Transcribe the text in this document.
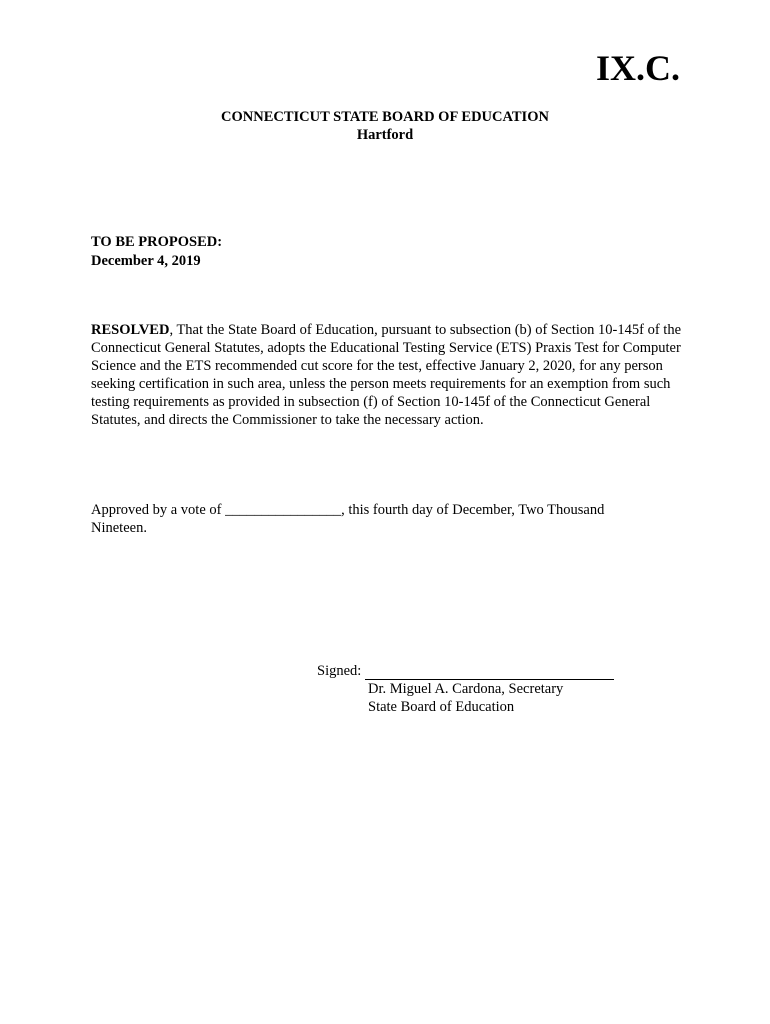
IX.C.
CONNECTICUT STATE BOARD OF EDUCATION
Hartford
TO BE PROPOSED:
December 4, 2019
RESOLVED, That the State Board of Education, pursuant to subsection (b) of Section 10-145f of the Connecticut General Statutes, adopts the Educational Testing Service (ETS) Praxis Test for Computer Science and the ETS recommended cut score for the test, effective January 2, 2020, for any person seeking certification in such area, unless the person meets requirements for an exemption from such testing requirements as provided in subsection (f) of Section 10-145f of the Connecticut General Statutes, and directs the Commissioner to take the necessary action.
Approved by a vote of ________________, this fourth day of December, Two Thousand Nineteen.
Signed:
Dr. Miguel A. Cardona, Secretary
State Board of Education
